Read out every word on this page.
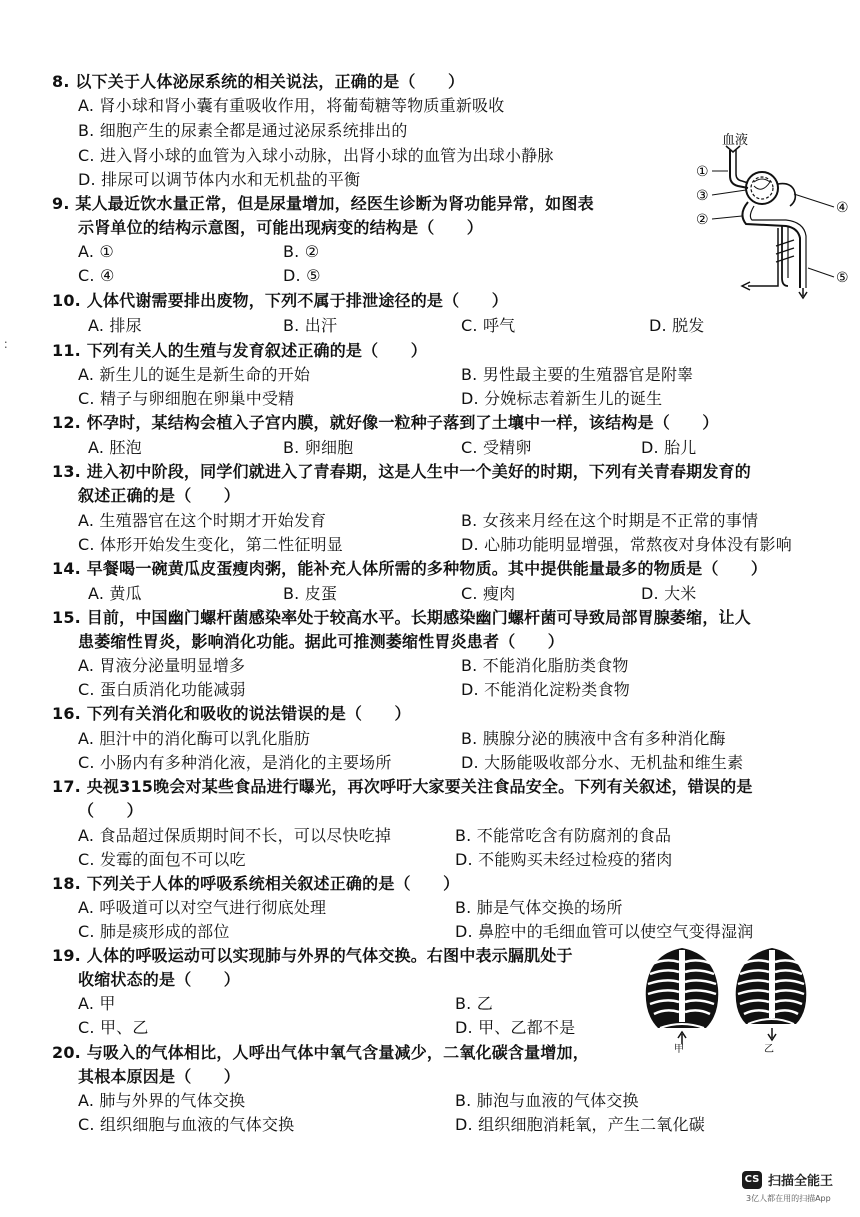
8. 以下关于人体泌尿系统的相关说法，正确的是（　　）
A. 肾小球和肾小囊有重吸收作用，将葡萄糖等物质重新吸收
B. 细胞产生的尿素全都是通过泌尿系统排出的
C. 进入肾小球的血管为入球小动脉，出肾小球的血管为出球小静脉
D. 排尿可以调节体内水和无机盐的平衡
9. 某人最近饮水量正常，但是尿量增加，经医生诊断为肾功能异常，如图表
示肾单位的结构示意图，可能出现病变的结构是（　　）
A. ①	B. ②
C. ④	D. ⑤
血液
①
②
③
④
⑤
10. 人体代谢需要排出废物，下列不属于排泄途径的是（　　）
A. 排尿	B. 出汗	C. 呼气	D. 脱发
11. 下列有关人的生殖与发育叙述正确的是（　　）
A. 新生儿的诞生是新生命的开始	B. 男性最主要的生殖器官是附睾
C. 精子与卵细胞在卵巢中受精	D. 分娩标志着新生儿的诞生
12. 怀孕时，某结构会植入子宫内膜，就好像一粒种子落到了土壤中一样，该结构是（　　）
A. 胚泡	B. 卵细胞	C. 受精卵	D. 胎儿
13. 进入初中阶段，同学们就进入了青春期，这是人生中一个美好的时期，下列有关青春期发育的
叙述正确的是（　　）
A. 生殖器官在这个时期才开始发育	B. 女孩来月经在这个时期是不正常的事情
C. 体形开始发生变化，第二性征明显	D. 心肺功能明显增强，常熬夜对身体没有影响
14. 早餐喝一碗黄瓜皮蛋瘦肉粥，能补充人体所需的多种物质。其中提供能量最多的物质是（　　）
A. 黄瓜	B. 皮蛋	C. 瘦肉	D. 大米
15. 目前，中国幽门螺杆菌感染率处于较高水平。长期感染幽门螺杆菌可导致局部胃腺萎缩，让人
患萎缩性胃炎，影响消化功能。据此可推测萎缩性胃炎患者（　　）
A. 胃液分泌量明显增多	B. 不能消化脂肪类食物
C. 蛋白质消化功能减弱	D. 不能消化淀粉类食物
16. 下列有关消化和吸收的说法错误的是（　　）
A. 胆汁中的消化酶可以乳化脂肪	B. 胰腺分泌的胰液中含有多种消化酶
C. 小肠内有多种消化液，是消化的主要场所	D. 大肠能吸收部分水、无机盐和维生素
17. 央视315晚会对某些食品进行曝光，再次呼吁大家要关注食品安全。下列有关叙述，错误的是
（　　）
A. 食品超过保质期时间不长，可以尽快吃掉	B. 不能常吃含有防腐剂的食品
C. 发霉的面包不可以吃	D. 不能购买未经过检疫的猪肉
18. 下列关于人体的呼吸系统相关叙述正确的是（　　）
A. 呼吸道可以对空气进行彻底处理	B. 肺是气体交换的场所
C. 肺是痰形成的部位	D. 鼻腔中的毛细血管可以使空气变得湿润
19. 人体的呼吸运动可以实现肺与外界的气体交换。右图中表示膈肌处于
收缩状态的是（　　）
A. 甲	B. 乙
C. 甲、乙	D. 甲、乙都不是
甲	乙
20. 与吸入的气体相比，人呼出气体中氧气含量减少，二氧化碳含量增加，
其根本原因是（　　）
A. 肺与外界的气体交换	B. 肺泡与血液的气体交换
C. 组织细胞与血液的气体交换	D. 组织细胞消耗氧，产生二氧化碳
：
CS 扫描全能王
3亿人都在用的扫描App
